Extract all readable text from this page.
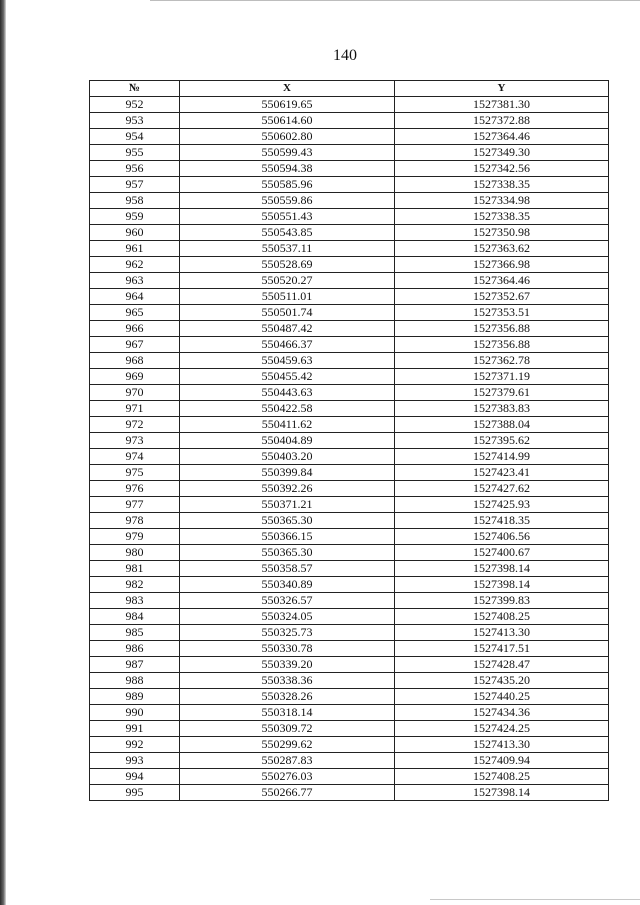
140
№	X	Y
952	550619.65	1527381.30
953	550614.60	1527372.88
954	550602.80	1527364.46
955	550599.43	1527349.30
956	550594.38	1527342.56
957	550585.96	1527338.35
958	550559.86	1527334.98
959	550551.43	1527338.35
960	550543.85	1527350.98
961	550537.11	1527363.62
962	550528.69	1527366.98
963	550520.27	1527364.46
964	550511.01	1527352.67
965	550501.74	1527353.51
966	550487.42	1527356.88
967	550466.37	1527356.88
968	550459.63	1527362.78
969	550455.42	1527371.19
970	550443.63	1527379.61
971	550422.58	1527383.83
972	550411.62	1527388.04
973	550404.89	1527395.62
974	550403.20	1527414.99
975	550399.84	1527423.41
976	550392.26	1527427.62
977	550371.21	1527425.93
978	550365.30	1527418.35
979	550366.15	1527406.56
980	550365.30	1527400.67
981	550358.57	1527398.14
982	550340.89	1527398.14
983	550326.57	1527399.83
984	550324.05	1527408.25
985	550325.73	1527413.30
986	550330.78	1527417.51
987	550339.20	1527428.47
988	550338.36	1527435.20
989	550328.26	1527440.25
990	550318.14	1527434.36
991	550309.72	1527424.25
992	550299.62	1527413.30
993	550287.83	1527409.94
994	550276.03	1527408.25
995	550266.77	1527398.14
